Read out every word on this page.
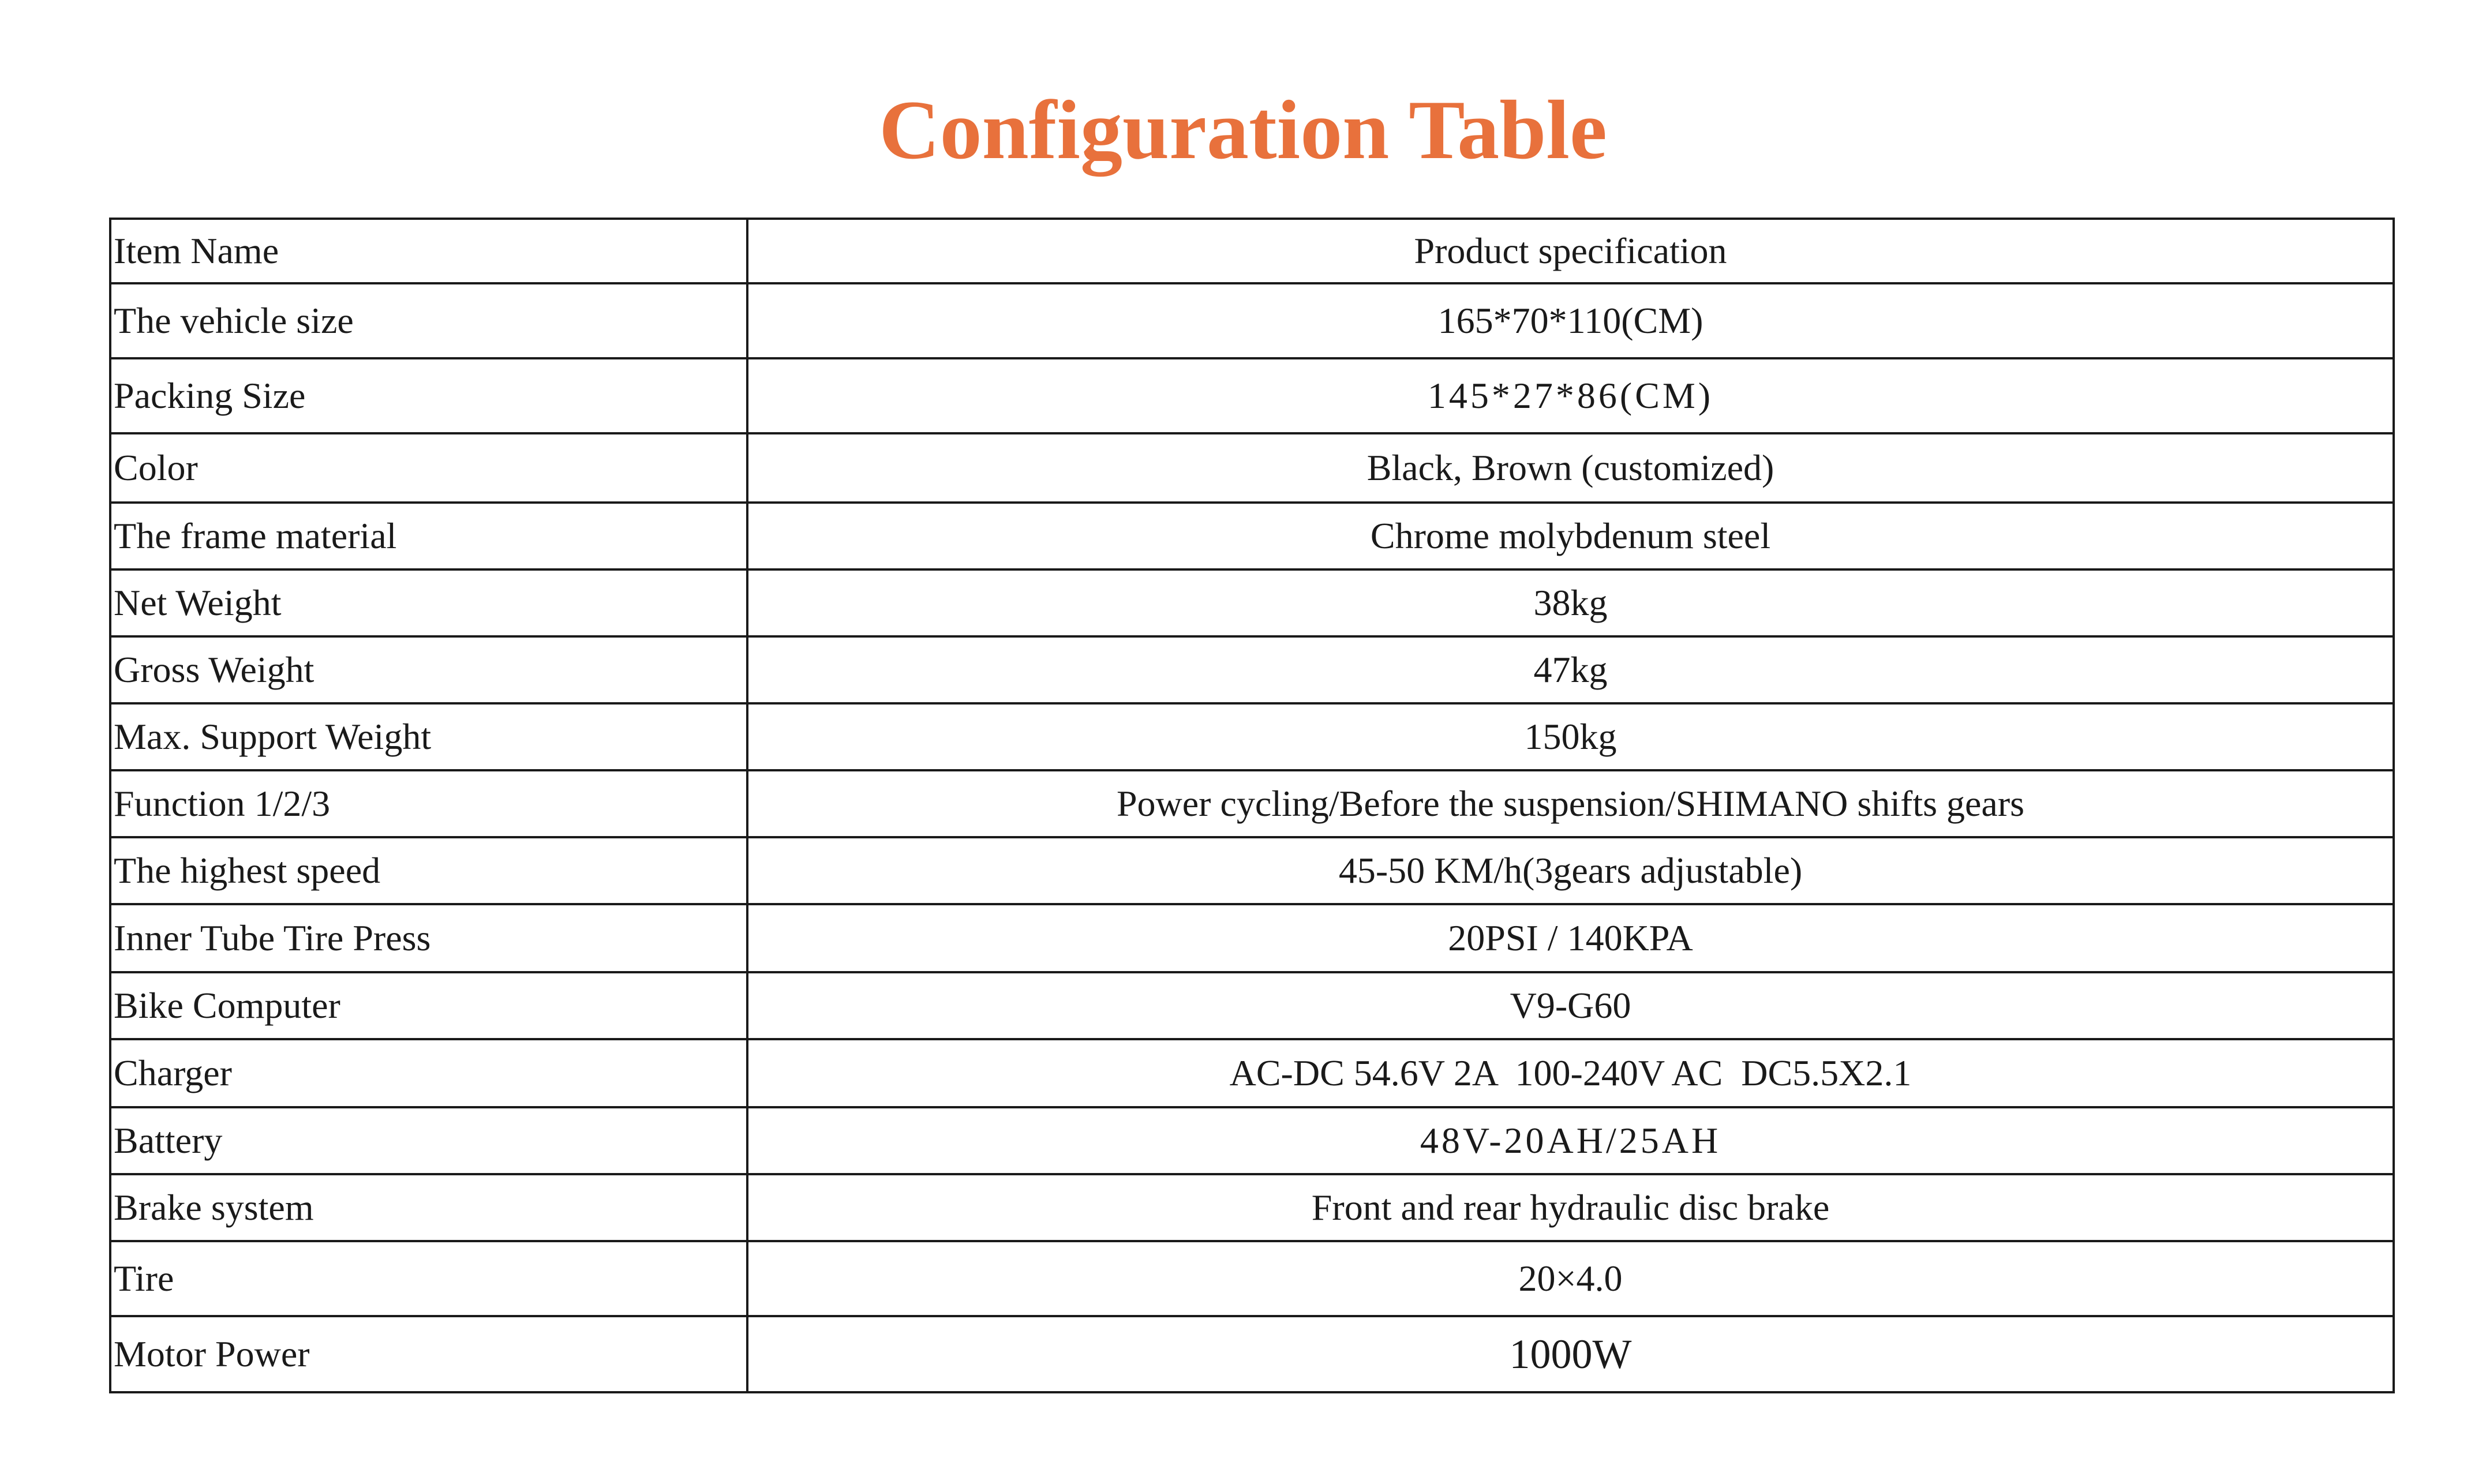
Configuration Table
Item Name	Product specification
The vehicle size	165*70*110(CM)
Packing Size	145*27*86(CM)
Color	Black, Brown (customized)
The frame material	Chrome molybdenum steel
Net Weight	38kg
Gross Weight	47kg
Max. Support Weight	150kg
Function 1/2/3	Power cycling/Before the suspension/SHIMANO shifts gears
The highest speed	45-50 KM/h(3gears adjustable)
Inner Tube Tire Press	20PSI / 140KPA
Bike Computer	V9-G60
Charger	AC-DC 54.6V 2A  100-240V AC  DC5.5X2.1
Battery	48V-20AH/25AH
Brake system	Front and rear hydraulic disc brake
Tire	20×4.0
Motor Power	1000W
